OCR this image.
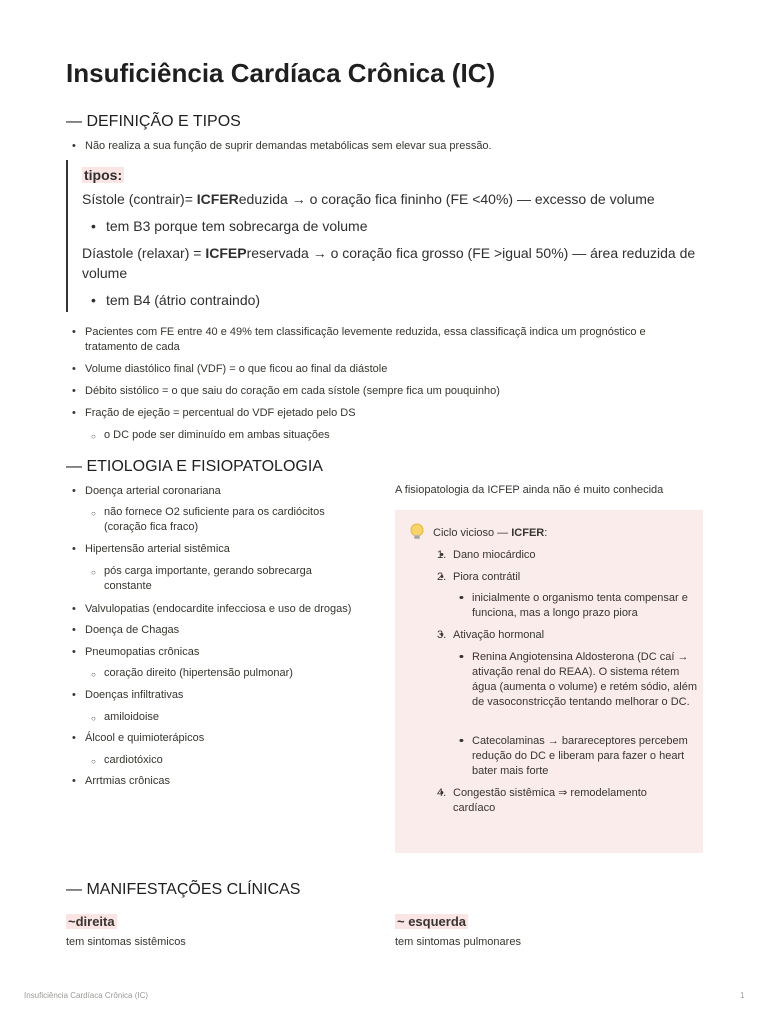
Insuficiência Cardíaca Crônica (IC)
— DEFINIÇÃO E TIPOS
• Não realiza a sua função de suprir demandas metabólicas sem elevar sua pressão.
tipos:
Sístole (contrair)= ICFEReduzida → o coração fica fininho (FE <40%) — excesso de volume
• tem B3 porque tem sobrecarga de volume
Díastole (relaxar) = ICFEPreservada → o coração fica grosso (FE >igual 50%) — área reduzida de volume
• tem B4 (átrio contraindo)
• Pacientes com FE entre 40 e 49% tem classificação levemente reduzida, essa classificaçã indica um prognóstico e tratamento de cada
• Volume diastólico final (VDF) = o que ficou ao final da diástole
• Débito sistólico = o que saiu do coração em cada sístole (sempre fica um pouquinho)
• Fração de ejeção = percentual do VDF ejetado pelo DS
○ o DC pode ser diminuído em ambas situações
— ETIOLOGIA E FISIOPATOLOGIA
• Doença arterial coronariana
○ não fornece O2 suficiente para os cardiócitos (coração fica fraco)
• Hipertensão arterial sistêmica
○ pós carga importante, gerando sobrecarga constante
• Valvulopatias (endocardite infecciosa e uso de drogas)
• Doença de Chagas
• Pneumopatias crônicas
○ coração direito (hipertensão pulmonar)
• Doenças infiltrativas
○ amiloidoise
• Álcool e quimioterápicos
○ cardiotóxico
• Arrtmias crônicas
A fisiopatologia da ICFEP ainda não é muito conhecida
Ciclo vicioso — ICFER:
• 1. Dano miocárdico
• 2. Piora contrátil
• • inicialmente o organismo tenta compensar e funciona, mas a longo prazo piora
• 3. Ativação hormonal
• • Renina Angiotensina Aldosterona (DC caí → ativação renal do REAA). O sistema rétem água (aumenta o volume) e retém sódio, além de vasoconstricção tentando melhorar o DC.
• • Catecolaminas → barareceptores percebem redução do DC e liberam para fazer o heart bater mais forte
• 4. Congestão sistêmica ⇒ remodelamento cardíaco
— MANIFESTAÇÕES CLÍNICAS
~direita
tem sintomas sistêmicos
~ esquerda
tem sintomas pulmonares
Insuficiência Cardíaca Crônica (IC)	1
